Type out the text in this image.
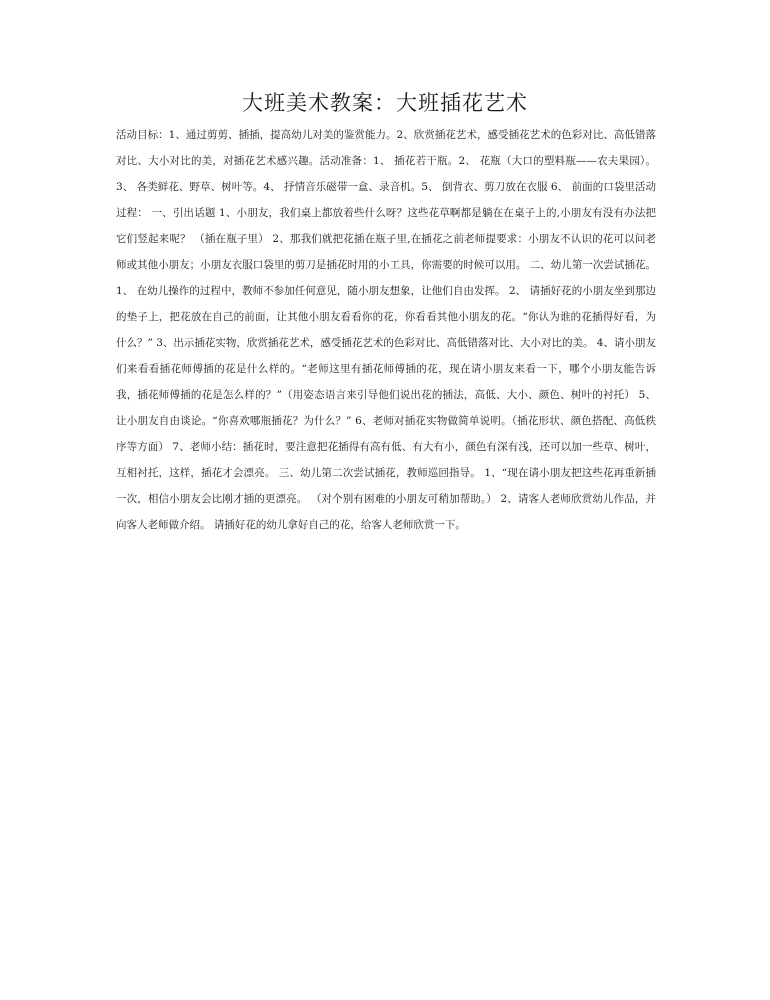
大班美术教案：大班插花艺术

活动目标：1、通过剪剪、插插，提高幼儿对美的鉴赏能力。2、欣赏插花艺术，感受插花艺术的色彩对比、高低错落对比、大小对比的美，对插花艺术感兴趣。活动准备：1、 插花若干瓶。2、 花瓶（大口的塑料瓶——农夫果园）。3、 各类鲜花、野草、树叶等。4、 抒情音乐磁带一盒、录音机。5、 倒背衣、剪刀放在衣服 6、 前面的口袋里活动过程： 一、引出话题 1、小朋友，我们桌上都放着些什么呀？这些花草啊都是躺在在桌子上的,小朋友有没有办法把它们竖起来呢？ （插在瓶子里） 2、那我们就把花插在瓶子里,在插花之前老师提要求：小朋友不认识的花可以问老师或其他小朋友；小朋友衣服口袋里的剪刀是插花时用的小工具，你需要的时候可以用。 二、幼儿第一次尝试插花。 1、 在幼儿操作的过程中，教师不参加任何意见，随小朋友想象，让他们自由发挥。 2、 请插好花的小朋友坐到那边的垫子上，把花放在自己的前面，让其他小朋友看看你的花，你看看其他小朋友的花。“你认为谁的花插得好看，为什么？” 3、出示插花实物，欣赏插花艺术，感受插花艺术的色彩对比、高低错落对比、大小对比的美。 4、请小朋友们来看看插花师傅插的花是什么样的。“老师这里有插花师傅插的花，现在请小朋友来看一下，哪个小朋友能告诉我，插花师傅插的花是怎么样的？”（用姿态语言来引导他们说出花的插法，高低、大小、颜色、树叶的衬托） 5、让小朋友自由谈论。“你喜欢哪瓶插花？为什么？” 6、老师对插花实物做简单说明。（插花形状、颜色搭配、高低秩序等方面） 7、老师小结：插花时，要注意把花插得有高有低、有大有小，颜色有深有浅，还可以加一些草、树叶，互相衬托，这样，插花才会漂亮。 三、幼儿第二次尝试插花，教师巡回指导。 1、“现在请小朋友把这些花再重新插一次，相信小朋友会比刚才插的更漂亮。 （对个别有困难的小朋友可稍加帮助。） 2、请客人老师欣赏幼儿作品，并向客人老师做介绍。 请插好花的幼儿拿好自己的花，给客人老师欣赏一下。
